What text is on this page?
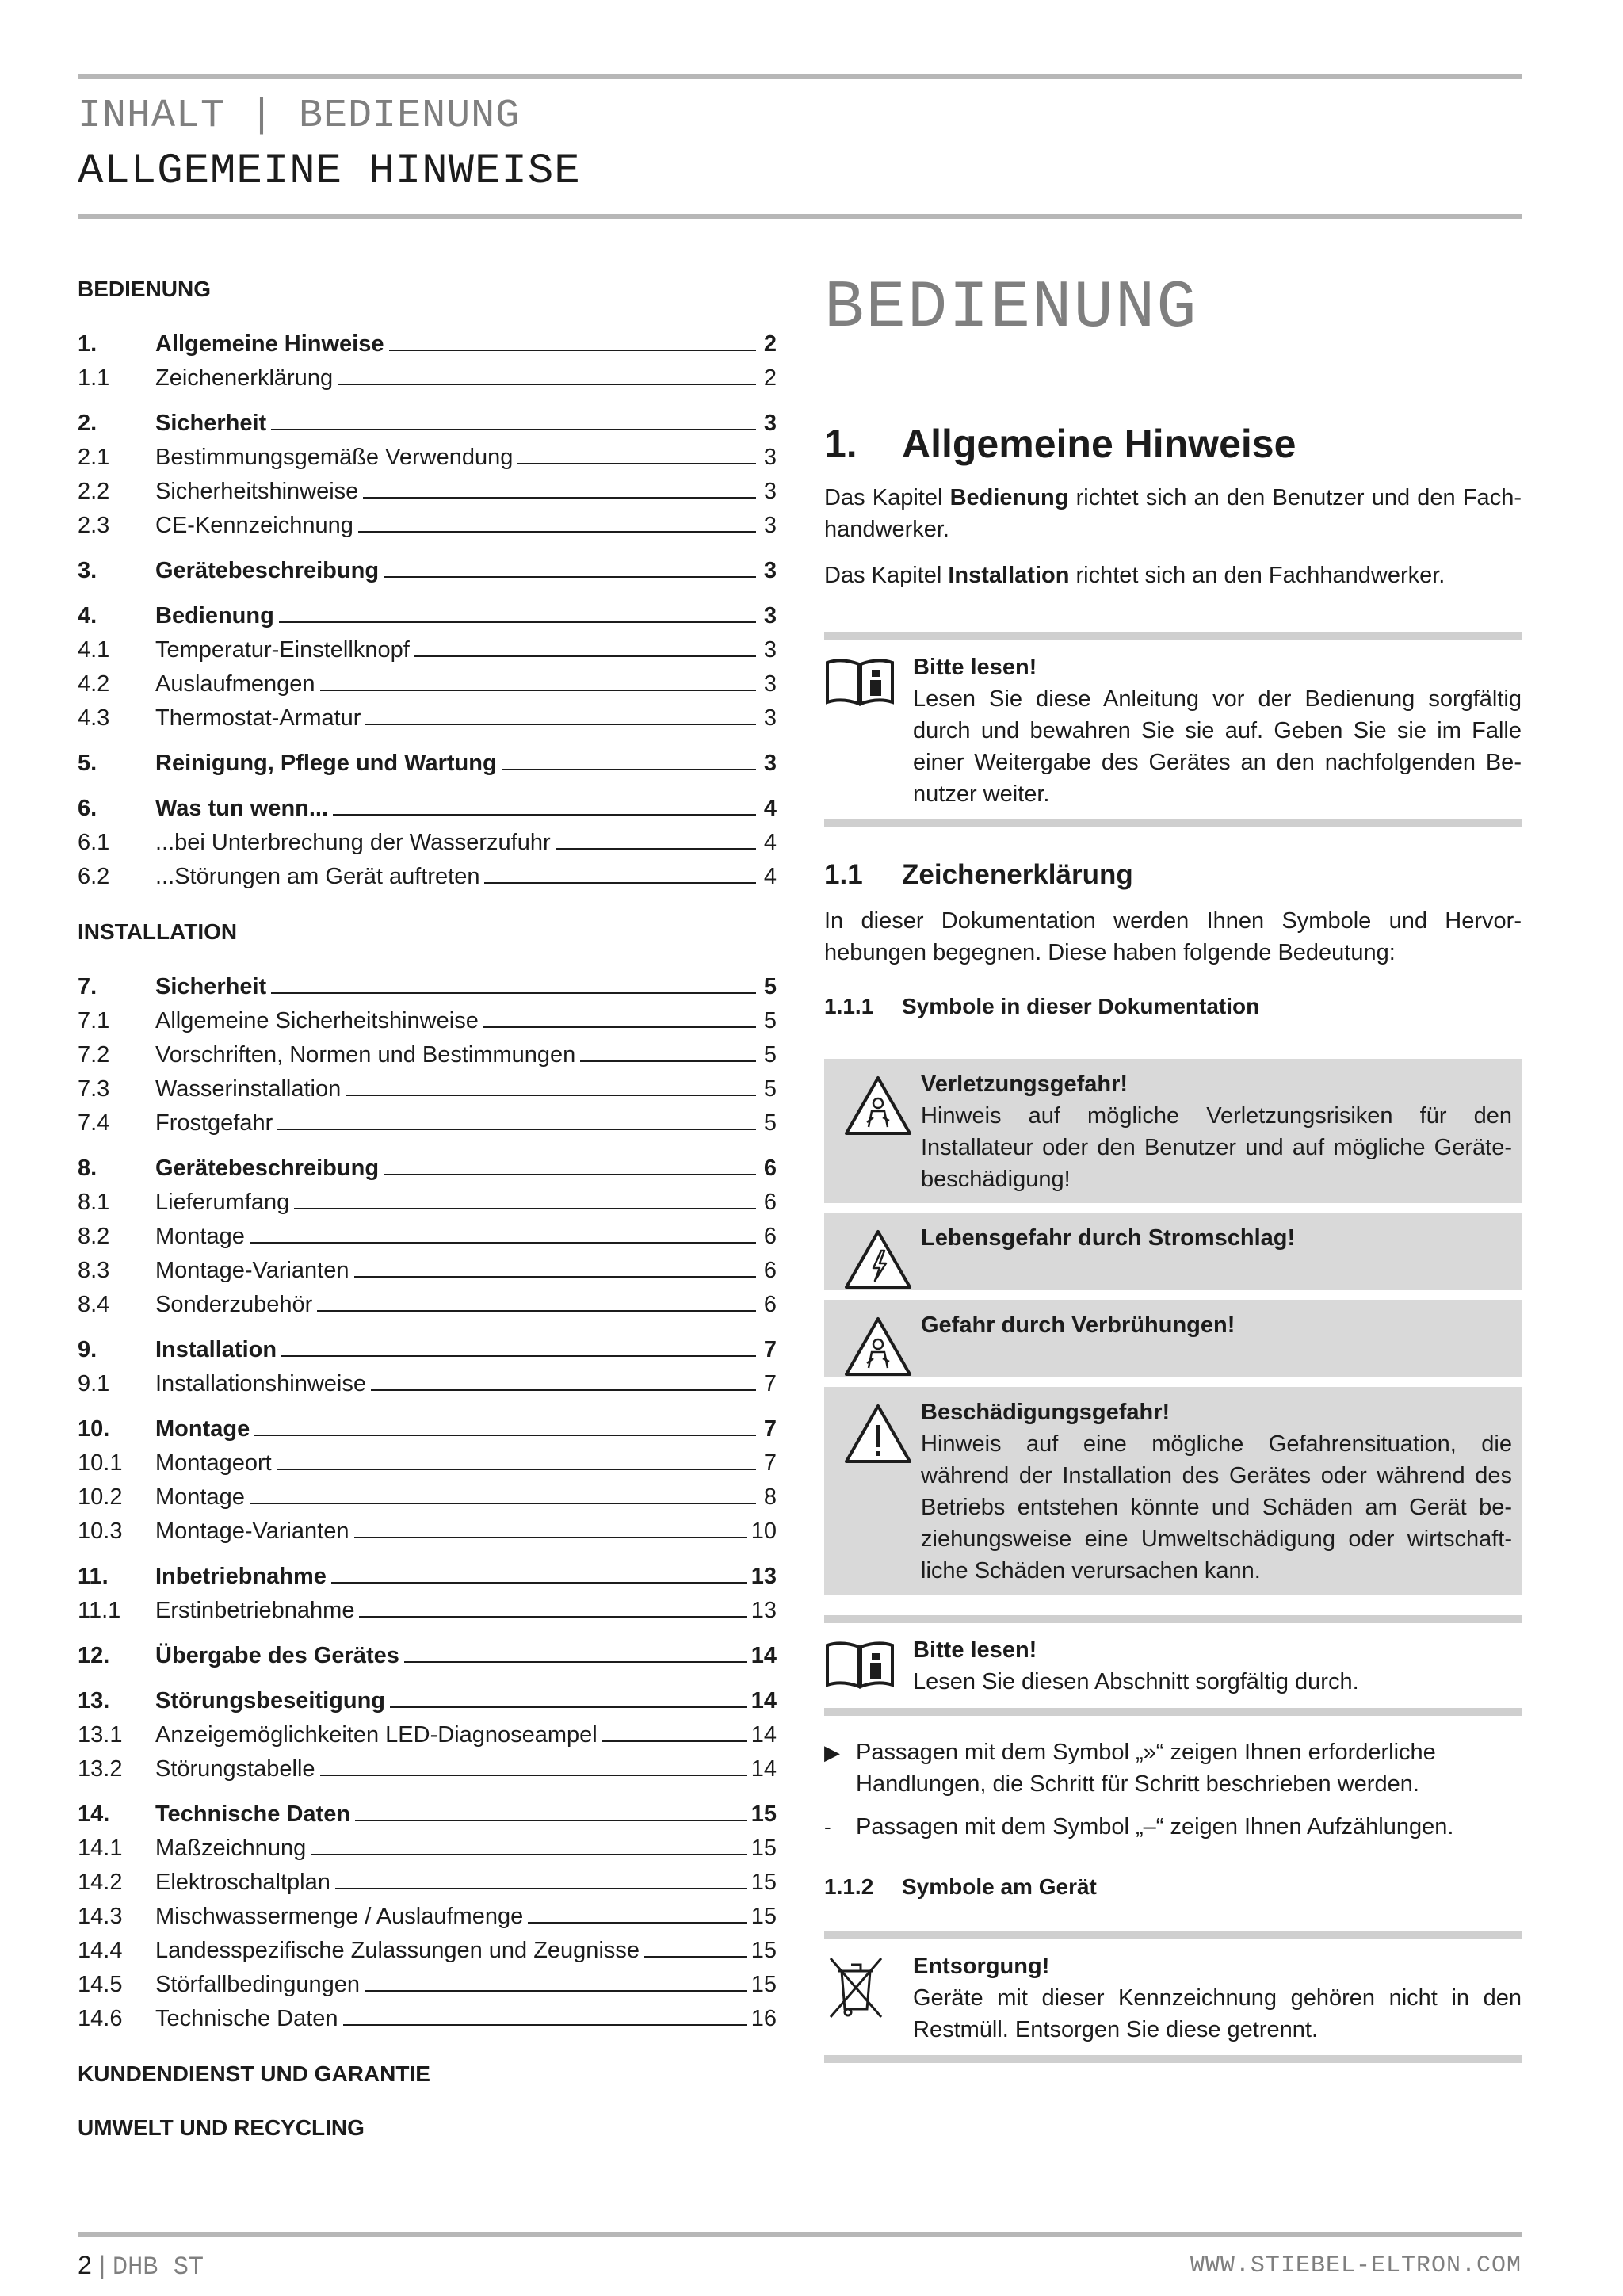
INHALT | BEDIENUNG
ALLGEMEINE HINWEISE
BEDIENUNG
1.	Allgemeine Hinweise	2
1.1	Zeichenerklärung	2
2.	Sicherheit	3
2.1	Bestimmungsgemäße Verwendung	3
2.2	Sicherheitshinweise	3
2.3	CE-Kennzeichnung	3
3.	Gerätebeschreibung	3
4.	Bedienung	3
4.1	Temperatur-Einstellknopf	3
4.2	Auslaufmengen	3
4.3	Thermostat-Armatur	3
5.	Reinigung, Pflege und Wartung	3
6.	Was tun wenn...	4
6.1	...bei Unterbrechung der Wasserzufuhr	4
6.2	...Störungen am Gerät auftreten	4
INSTALLATION
7.	Sicherheit	5
7.1	Allgemeine Sicherheitshinweise	5
7.2	Vorschriften, Normen und Bestimmungen	5
7.3	Wasserinstallation	5
7.4	Frostgefahr	5
8.	Gerätebeschreibung	6
8.1	Lieferumfang	6
8.2	Montage	6
8.3	Montage-Varianten	6
8.4	Sonderzubehör	6
9.	Installation	7
9.1	Installationshinweise	7
10.	Montage	7
10.1	Montageort	7
10.2	Montage	8
10.3	Montage-Varianten	10
11.	Inbetriebnahme	13
11.1	Erstinbetriebnahme	13
12.	Übergabe des Gerätes	14
13.	Störungsbeseitigung	14
13.1	Anzeigemöglichkeiten LED-Diagnoseampel	14
13.2	Störungstabelle	14
14.	Technische Daten	15
14.1	Maßzeichnung	15
14.2	Elektroschaltplan	15
14.3	Mischwassermenge / Auslaufmenge	15
14.4	Landesspezifische Zulassungen und Zeugnisse	15
14.5	Störfallbedingungen	15
14.6	Technische Daten	16
KUNDENDIENST UND GARANTIE
UMWELT UND RECYCLING
BEDIENUNG
1. Allgemeine Hinweise

Das Kapitel Bedienung richtet sich an den Benutzer und den Fachhandwerker.

Das Kapitel Installation richtet sich an den Fachhandwerker.

Bitte lesen!
Lesen Sie diese Anleitung vor der Bedienung sorgfältig durch und bewahren Sie sie auf. Geben Sie sie im Falle einer Weitergabe des Gerätes an den nachfolgenden Benutzer weiter.
1.1 Zeichenerklärung

In dieser Dokumentation werden Ihnen Symbole und Hervorhebungen begegnen. Diese haben folgende Bedeutung:

1.1.1 Symbole in dieser Dokumentation
Verletzungsgefahr!
Hinweis auf mögliche Verletzungsrisiken für den Installateur oder den Benutzer und auf mögliche Gerätebeschädigung!
Lebensgefahr durch Stromschlag!
Gefahr durch Verbrühungen!
Beschädigungsgefahr!
Hinweis auf eine mögliche Gefahrensituation, die während der Installation des Gerätes oder während des Betriebs entstehen könnte und Schäden am Gerät beziehungsweise eine Umweltschädigung oder wirtschaftliche Schäden verursachen kann.
Bitte lesen!
Lesen Sie diesen Abschnitt sorgfältig durch.
▶ Passagen mit dem Symbol „»“ zeigen Ihnen erforderliche Handlungen, die Schritt für Schritt beschrieben werden.
-	Passagen mit dem Symbol „–“ zeigen Ihnen Aufzählungen.
1.1.2 Symbole am Gerät
Entsorgung!
Geräte mit dieser Kennzeichnung gehören nicht in den Restmüll. Entsorgen Sie diese getrennt.
2 | DHB ST	WWW.STIEBEL-ELTRON.COM
